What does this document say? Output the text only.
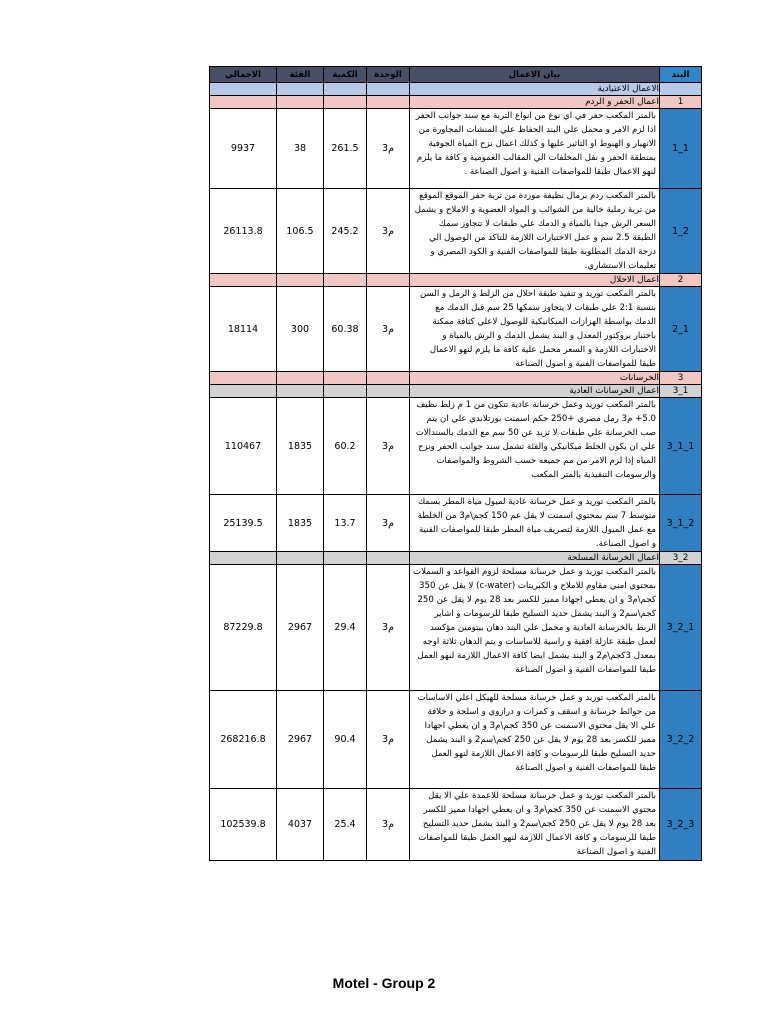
الاجمالي	الفئة	الكمية	الوحدة	بيان الاعمال	البند
				الاعمال الاعتيادية	
				اعمال الحفر و الردم	1
9937	38	261.5	م3	بالمتر المكعب حفر في اي نوع من انواع التربة مع سند جوانب الحفر اذا لزم الامر و محمل علي البند الحفاظ علي المنشات المجاورة من الانهيار و الهبوط او التاثير عليها و كذلك اعمال نزح المياة الجوفية بمنطقة الحفر و نقل المخلفات الي المقالب العمومية و كافة ما يلزم لنهو الاعمال طبقا للمواصفات الفنية و اصول الصناعة .	1_1
26113.8	106.5	245.2	م3	بالمتر المكعب ردم برمال نظيفة موردة من تربة حفر الموقع الموقع من تربة رملية خالية من الشوائب و المواد العضوية و الاملاح و يشمل السعر الرش جيدا بالمياة و الدمك علي طبقات لا تتجاوز سمك الطبقة 2.5 سم و عمل الاختبارات اللازمة للتاكد من الوصول الي درجة الدمك المطلوبة طبقا للمواصفات الفنية و الكود المصري و تعليمات الاستشاري.	1_2
				اعمال الاحلال	2
18114	300	60.38	م3	بالمتر المكعب توريد و تنفيذ طبقة احلال من الزلط و الرمل و السن بنسبة 2:1 علي طبقات لا يتجاوز سمكها 25 سم قبل الدمك مع الدمك بواسطة الهزازات الميكانيكية للوصول لاعلي كثافة ممكنة باختبار بروكتور المعدل و البند يشمل الدمك و الرش بالمياة و الاختبارات اللازمة و السعر محمل علية كافة ما يلزم لنهو الاعمال طبقا للمواصفات الفنية و اصول الصناعة	2_1
				الخرسانات	3
				اعمال الخرسانات العادية	3_1
110467	1835	60.2	م3	بالمتر المكعب توريد وعمل خرسانة عادية تتكون من 1 م زلط نظيف 5.0+ م3 رمل مصري +250 جكم اسمنت بورتلاندي علي ان يتم صب الخرسانة علي طبقات لا تزيد عن 50 سم مع الدمك بالسندالات علي ان يكون الخلط ميكانيكي والفئة تشمل سند جوانب الحفر ونزح المياه إذا لزم الامر من مم جميعه حسب الشروط والمواصفات والرسومات التنفيذية بالمتر المكعب	3_1_1
25139.5	1835	13.7	م3	بالمتر المكعب توريد و عمل خرسانة عادية لميول مياة المطر بسمك متوسط 7 سم بمحتوي اسمنت لا يقل عم 150 كجم\م3 من الخلطة مع عمل الميول اللازمة لتصريف مياة المطر طبقا للمواصفات الفنية و اصول الصناعة.	3_1_2
				اعمال الخرسانة المسلحة	3_2
87229.8	2967	29.4	م3	بالمتر المكعب توريد و عمل خرسانة مسلحة لزوم القواعد و السملات بمحتوي امني مقاوم للاملاح و الكبريتات (c-water) لا يقل عن 350 كجم\م3 و ان يعطي اجهادا مميز للكسر بعد 28 يوم لا يقل عن 250 كجم\سم2 و البند يشمل حديد التسليح طبقا للرسومات و اشاير الربط بالخرسانة العادية و محمل علي البند دهان بيتومين مؤكسد لعمل طبقة عازلة افقية و راسية للاساسات و يتم الدهان ثلاثة اوجه بمعدل 3كجم\م2 و البند يشمل ايضا كافة الاعمال اللازمة لنهو العمل طبقا للمواصفات الفنية و اصول الصناعة	3_2_1
268216.8	2967	90.4	م3	بالمتر المكعب توريد و عمل خرسانة مسلحة للهيكل اعلي الاساسات من حوائط خرسانة و اسقف و كمرات و درازوي و اسلحة و خلافة علي الا يقل محتوي الاسمنت عن 350 كجم\م3 و ان يعطي اجهادا مميز للكسر بعد 28 يوم لا يقل عن 250 كجم\سم2 و البند يشمل حديد التسليح طبقا للرسومات و كافة الاعمال اللازمة لنهو العمل طبقا للمواصفات الفنية و اصول الصناعة	3_2_2
102539.8	4037	25.4	م3	بالمتر المكعب توريد و عمل خرسانة مسلحة للاعمدة علي الا يقل محتوي الاسمنت عن 350 كجم\م3 و ان يعطي اجهادا مميز للكسر بعد 28 يوم لا يقل عن 250 كجم\سم2 و البند يشمل حديد التسليح طبقا للرسومات و كافة الاعمال اللازمة لنهو العمل طبقا للمواصفات الفنية و اصول الصناعة	3_2_3
Motel - Group 2
